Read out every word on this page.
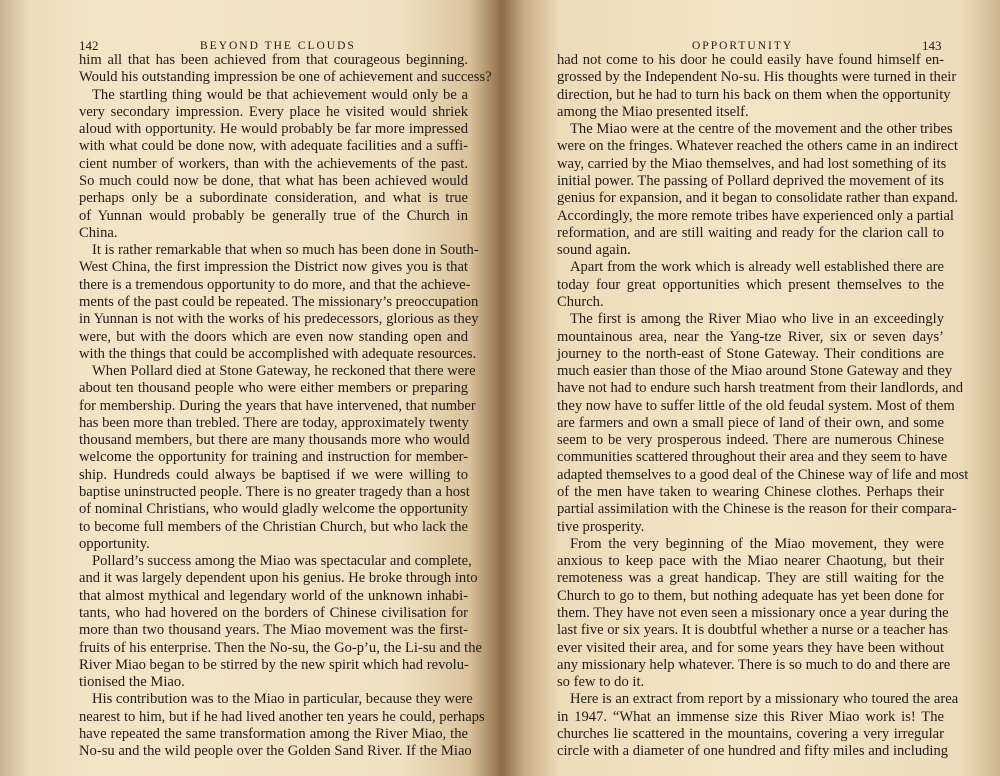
142	BEYOND THE CLOUDS
him all that has been achieved from that courageous beginning.
Would his outstanding impression be one of achievement and success?
The startling thing would be that achievement would only be a
very secondary impression. Every place he visited would shriek
aloud with opportunity. He would probably be far more impressed
with what could be done now, with adequate facilities and a suffi-
cient number of workers, than with the achievements of the past.
So much could now be done, that what has been achieved would
perhaps only be a subordinate consideration, and what is true
of Yunnan would probably be generally true of the Church in
China.
It is rather remarkable that when so much has been done in South-
West China, the first impression the District now gives you is that
there is a tremendous opportunity to do more, and that the achieve-
ments of the past could be repeated. The missionary’s preoccupation
in Yunnan is not with the works of his predecessors, glorious as they
were, but with the doors which are even now standing open and
with the things that could be accomplished with adequate resources.
When Pollard died at Stone Gateway, he reckoned that there were
about ten thousand people who were either members or preparing
for membership. During the years that have intervened, that number
has been more than trebled. There are today, approximately twenty
thousand members, but there are many thousands more who would
welcome the opportunity for training and instruction for member-
ship. Hundreds could always be baptised if we were willing to
baptise uninstructed people. There is no greater tragedy than a host
of nominal Christians, who would gladly welcome the opportunity
to become full members of the Christian Church, but who lack the
opportunity.
Pollard’s success among the Miao was spectacular and complete,
and it was largely dependent upon his genius. He broke through into
that almost mythical and legendary world of the unknown inhabi-
tants, who had hovered on the borders of Chinese civilisation for
more than two thousand years. The Miao movement was the first-
fruits of his enterprise. Then the No-su, the Go-p’u, the Li-su and the
River Miao began to be stirred by the new spirit which had revolu-
tionised the Miao.
His contribution was to the Miao in particular, because they were
nearest to him, but if he had lived another ten years he could, perhaps
have repeated the same transformation among the River Miao, the
No-su and the wild people over the Golden Sand River. If the Miao
OPPORTUNITY	143
had not come to his door he could easily have found himself en-
grossed by the Independent No-su. His thoughts were turned in their
direction, but he had to turn his back on them when the opportunity
among the Miao presented itself.
The Miao were at the centre of the movement and the other tribes
were on the fringes. Whatever reached the others came in an indirect
way, carried by the Miao themselves, and had lost something of its
initial power. The passing of Pollard deprived the movement of its
genius for expansion, and it began to consolidate rather than expand.
Accordingly, the more remote tribes have experienced only a partial
reformation, and are still waiting and ready for the clarion call to
sound again.
Apart from the work which is already well established there are
today four great opportunities which present themselves to the
Church.
The first is among the River Miao who live in an exceedingly
mountainous area, near the Yang-tze River, six or seven days’
journey to the north-east of Stone Gateway. Their conditions are
much easier than those of the Miao around Stone Gateway and they
have not had to endure such harsh treatment from their landlords, and
they now have to suffer little of the old feudal system. Most of them
are farmers and own a small piece of land of their own, and some
seem to be very prosperous indeed. There are numerous Chinese
communities scattered throughout their area and they seem to have
adapted themselves to a good deal of the Chinese way of life and most
of the men have taken to wearing Chinese clothes. Perhaps their
partial assimilation with the Chinese is the reason for their compara-
tive prosperity.
From the very beginning of the Miao movement, they were
anxious to keep pace with the Miao nearer Chaotung, but their
remoteness was a great handicap. They are still waiting for the
Church to go to them, but nothing adequate has yet been done for
them. They have not even seen a missionary once a year during the
last five or six years. It is doubtful whether a nurse or a teacher has
ever visited their area, and for some years they have been without
any missionary help whatever. There is so much to do and there are
so few to do it.
Here is an extract from report by a missionary who toured the area
in 1947. “What an immense size this River Miao work is! The
churches lie scattered in the mountains, covering a very irregular
circle with a diameter of one hundred and fifty miles and including
